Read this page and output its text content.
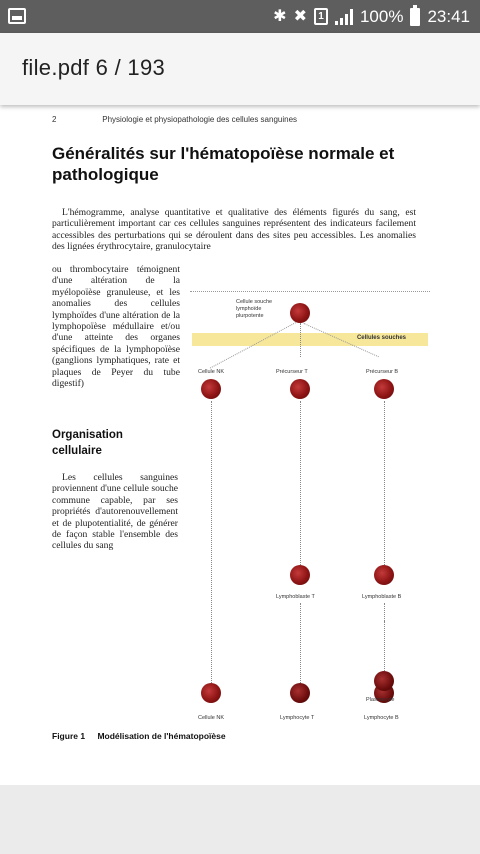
✱ ✖	1 100% 23:41
file.pdf 6 / 193
2	Physiologie et physiopathologie des cellules sanguines
Généralités sur l'hématopoïèse normale et pathologique
L'hémogramme, analyse quantitative et qualitative des éléments figurés du sang, est particulièrement important car ces cellules sanguines représentent des indicateurs facilement accessibles des perturbations qui se déroulent dans des sites peu accessibles. Les anomalies des lignées érythrocytaire, granulocytaire
ou thrombocytaire témoignent d'une altération de la myélopoïèse granuleuse, et les anomalies des cellules lymphoïdes d'une altération de la lymphopoïèse médullaire et/ou d'une atteinte des organes spécifiques de la lymphopoïèse (ganglions lymphatiques, rate et plaques de Peyer du tube digestif)
Organisation cellulaire
Les cellules sanguines proviennent d'une cellule souche commune capable, par ses propriétés d'autorenouvellement et de plupotentialité, de générer de façon stable l'ensemble des cellules du sang
Cellules souches
Cellule souche lymphoïde plurpotente
Cellule NK	Précurseur T	Précurseur B
Lymphoblaste T	Lymphoblaste B
Cellule NK	Lymphocyte T	Lymphocyte B
Figure 1 Modélisation de l'hématopoïèse
Plasmocyte
